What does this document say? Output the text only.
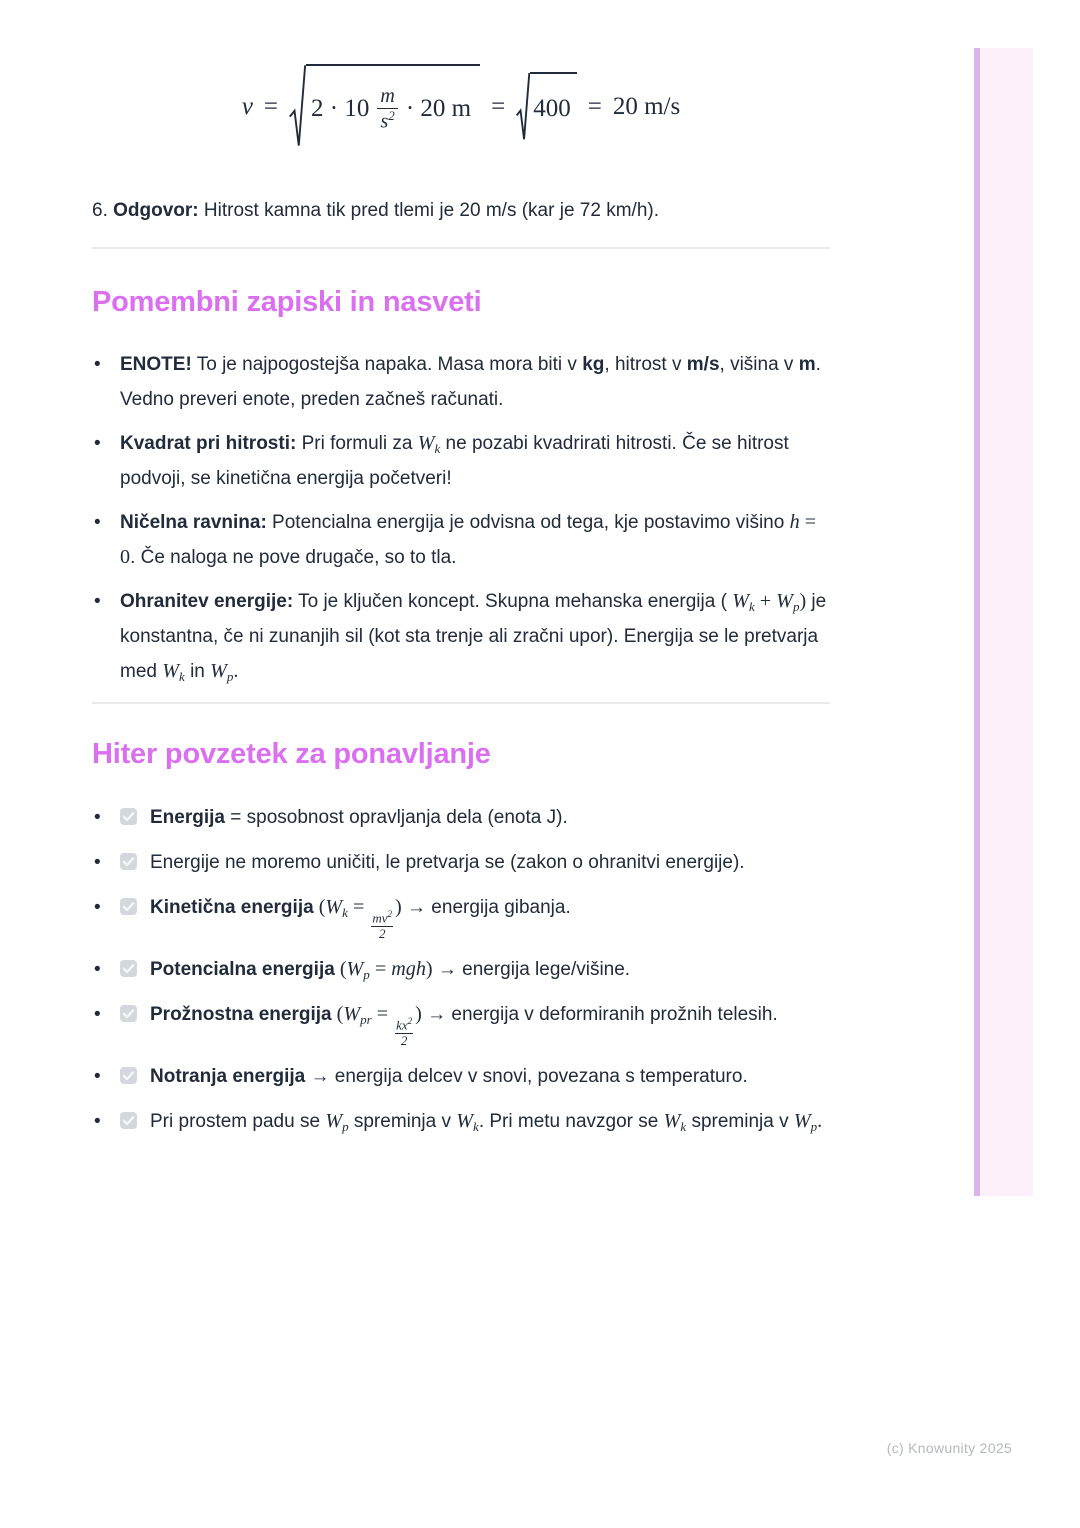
$v = 2 \cdot 10 \frac{m}{s^2} \cdot 20$ m = 400 = 20 m/s

6. Odgovor: Hitrost kamna tik pred tlemi je 20 m/s (kar je 72 km/h).

Pomembni zapiski in nasveti
• ENOTE! To je najpogostejša napaka. Masa mora biti v kg, hitrost v m/s, višina v m. Vedno preveri enote, preden začneš računati.
• Kvadrat pri hitrosti: Pri formuli za $W_k$ ne pozabi kvadrirati hitrosti. Če se hitrost podvoji, se kinetična energija početveri!
• Ničelna ravnina: Potencialna energija je odvisna od tega, kje postavimo višino h = 0. Če naloga ne pove drugače, so to tla.
• Ohranitev energije: To je ključen koncept. Skupna mehanska energija ( $W_k + W_p$) je konstantna, če ni zunanjih sil (kot sta trenje ali zračni upor). Energija se le pretvarja med $W_k$ in $W_p$.
Hiter povzetek za ponavljanje
• Energija = sposobnost opravljanja dela (enota J).
• Energije ne moremo uničiti, le pretvarja se (zakon o ohranitvi energije).
• Kinetična energija ($W_k$ =
$\frac{mv^2}{2}$
) → energija gibanja.
• Potencialna energija $(W_p = mgh)$ → energija lege/višine.
• Prožnostna energija ($W_{pr}$ =
$\frac{kx^2}{2}$
) → energija v deformiranih prožnih telesih.
• Notranja energija → energija delcev v snovi, povezana s temperaturo.
• Pri prostem padu se $W_p$ spreminja v $W_k$. Pri metu navzgor se $W_k$ spreminja v $W_p$.
(c) Knowunity 2025
